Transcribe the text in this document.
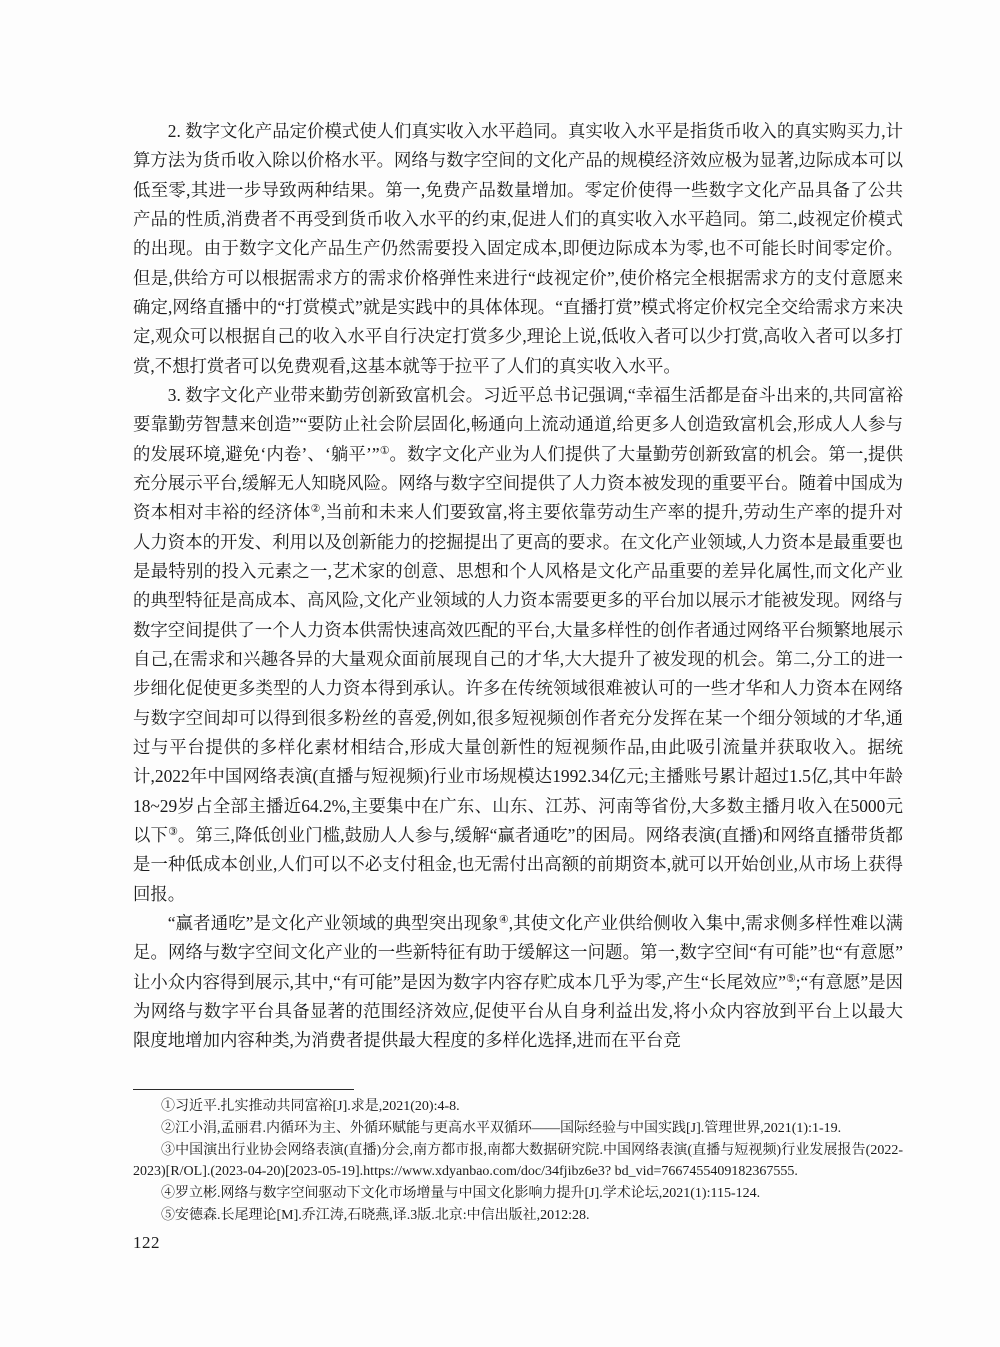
2. 数字文化产品定价模式使人们真实收入水平趋同。真实收入水平是指货币收入的真实购买力,计算方法为货币收入除以价格水平。网络与数字空间的文化产品的规模经济效应极为显著,边际成本可以低至零,其进一步导致两种结果。第一,免费产品数量增加。零定价使得一些数字文化产品具备了公共产品的性质,消费者不再受到货币收入水平的约束,促进人们的真实收入水平趋同。第二,歧视定价模式的出现。由于数字文化产品生产仍然需要投入固定成本,即便边际成本为零,也不可能长时间零定价。但是,供给方可以根据需求方的需求价格弹性来进行“歧视定价”,使价格完全根据需求方的支付意愿来确定,网络直播中的“打赏模式”就是实践中的具体体现。“直播打赏”模式将定价权完全交给需求方来决定,观众可以根据自己的收入水平自行决定打赏多少,理论上说,低收入者可以少打赏,高收入者可以多打赏,不想打赏者可以免费观看,这基本就等于拉平了人们的真实收入水平。

3. 数字文化产业带来勤劳创新致富机会。习近平总书记强调,“幸福生活都是奋斗出来的,共同富裕要靠勤劳智慧来创造”“要防止社会阶层固化,畅通向上流动通道,给更多人创造致富机会,形成人人参与的发展环境,避免‘内卷’、‘躺平’”①。数字文化产业为人们提供了大量勤劳创新致富的机会。第一,提供充分展示平台,缓解无人知晓风险。网络与数字空间提供了人力资本被发现的重要平台。随着中国成为资本相对丰裕的经济体②,当前和未来人们要致富,将主要依靠劳动生产率的提升,劳动生产率的提升对人力资本的开发、利用以及创新能力的挖掘提出了更高的要求。在文化产业领域,人力资本是最重要也是最特别的投入元素之一,艺术家的创意、思想和个人风格是文化产品重要的差异化属性,而文化产业的典型特征是高成本、高风险,文化产业领域的人力资本需要更多的平台加以展示才能被发现。网络与数字空间提供了一个人力资本供需快速高效匹配的平台,大量多样性的创作者通过网络平台频繁地展示自己,在需求和兴趣各异的大量观众面前展现自己的才华,大大提升了被发现的机会。第二,分工的进一步细化促使更多类型的人力资本得到承认。许多在传统领域很难被认可的一些才华和人力资本在网络与数字空间却可以得到很多粉丝的喜爱,例如,很多短视频创作者充分发挥在某一个细分领域的才华,通过与平台提供的多样化素材相结合,形成大量创新性的短视频作品,由此吸引流量并获取收入。据统计,2022年中国网络表演(直播与短视频)行业市场规模达1992.34亿元;主播账号累计超过1.5亿,其中年龄18~29岁占全部主播近64.2%,主要集中在广东、山东、江苏、河南等省份,大多数主播月收入在5000元以下③。第三,降低创业门槛,鼓励人人参与,缓解“赢者通吃”的困局。网络表演(直播)和网络直播带货都是一种低成本创业,人们可以不必支付租金,也无需付出高额的前期资本,就可以开始创业,从市场上获得回报。

“赢者通吃”是文化产业领域的典型突出现象④,其使文化产业供给侧收入集中,需求侧多样性难以满足。网络与数字空间文化产业的一些新特征有助于缓解这一问题。第一,数字空间“有可能”也“有意愿”让小众内容得到展示,其中,“有可能”是因为数字内容存贮成本几乎为零,产生“长尾效应”⑤;“有意愿”是因为网络与数字平台具备显著的范围经济效应,促使平台从自身利益出发,将小众内容放到平台上以最大限度地增加内容种类,为消费者提供最大程度的多样化选择,进而在平台竞

①习近平.扎实推动共同富裕[J].求是,2021(20):4-8.

②江小涓,孟丽君.内循环为主、外循环赋能与更高水平双循环——国际经验与中国实践[J].管理世界,2021(1):1-19.

③中国演出行业协会网络表演(直播)分会,南方都市报,南都大数据研究院.中国网络表演(直播与短视频)行业发展报告(2022-2023)[R/OL].(2023-04-20)[2023-05-19].https://www.xdyanbao.com/doc/34fjibz6e3? bd_vid=7667455409182367555.

④罗立彬.网络与数字空间驱动下文化市场增量与中国文化影响力提升[J].学术论坛,2021(1):115-124.

⑤安德森.长尾理论[M].乔江涛,石晓燕,译.3版.北京:中信出版社,2012:28.

122
